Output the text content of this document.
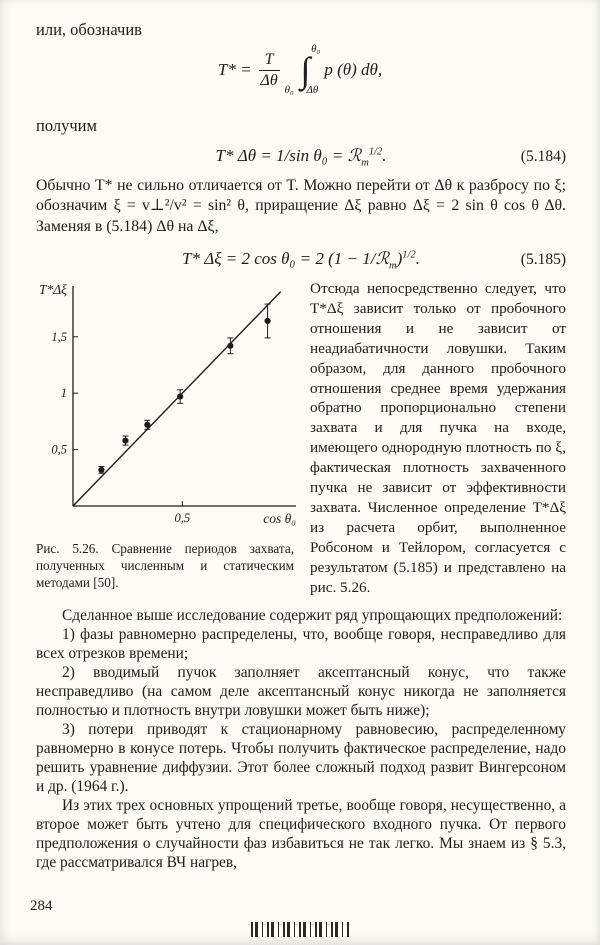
или, обозначив
$T* = \frac{T}{\Delta\theta}$
θ₀
∫
θ₀ − Δθ
p (θ) dθ,
получим
T* Δθ = 1/sin θ₀ = ℛ$_m^{1/2}$.	(5.184)

Обычно T* не сильно отличается от T. Можно перейти от Δθ к разбросу по ξ; обозначим ξ = v⊥²/v² = sin² θ, приращение Δξ равно Δξ = 2 sin θ cos θ Δθ. Заменяя в (5.184) Δθ на Δξ,

T* Δξ = 2 cos θ₀ = 2 (1 − 1/ℛ$_m$)$^{1/2}$.	(5.185)
0,5
1
1,5
0,5
T*Δξ
cos θ₀

Рис. 5.26. Сравнение периодов захвата, полученных численным и статическим методами [50].

Отсюда непосредственно следует, что T*Δξ зависит только от пробочного отношения и не зависит от неадиабатичности ловушки. Таким образом, для данного пробочного отношения среднее время удержания обратно пропорционально степени захвата и для пучка на входе, имеющего однородную плотность по ξ, фактическая плотность захваченного пучка не зависит от эффективности захвата. Численное определение T*Δξ из расчета орбит, выполненное Робсоном и Тейлором, согласуется с результатом (5.185) и представлено на рис. 5.26.

Сделанное выше исследование содержит ряд упрощающих предположений:

1) фазы равномерно распределены, что, вообще говоря, несправедливо для всех отрезков времени;

2) вводимый пучок заполняет аксептансный конус, что также несправедливо (на самом деле аксептансный конус никогда не заполняется полностью и плотность внутри ловушки может быть ниже);

3) потери приводят к стационарному равновесию, распределенному равномерно в конусе потерь. Чтобы получить фактическое распределение, надо решить уравнение диффузии. Этот более сложный подход развит Вингерсоном и др. (1964 г.).

Из этих трех основных упрощений третье, вообще говоря, несущественно, а второе может быть учтено для специфического входного пучка. От первого предположения о случайности фаз избавиться не так легко. Мы знаем из § 5.3, где рассматривался ВЧ нагрев,

284
